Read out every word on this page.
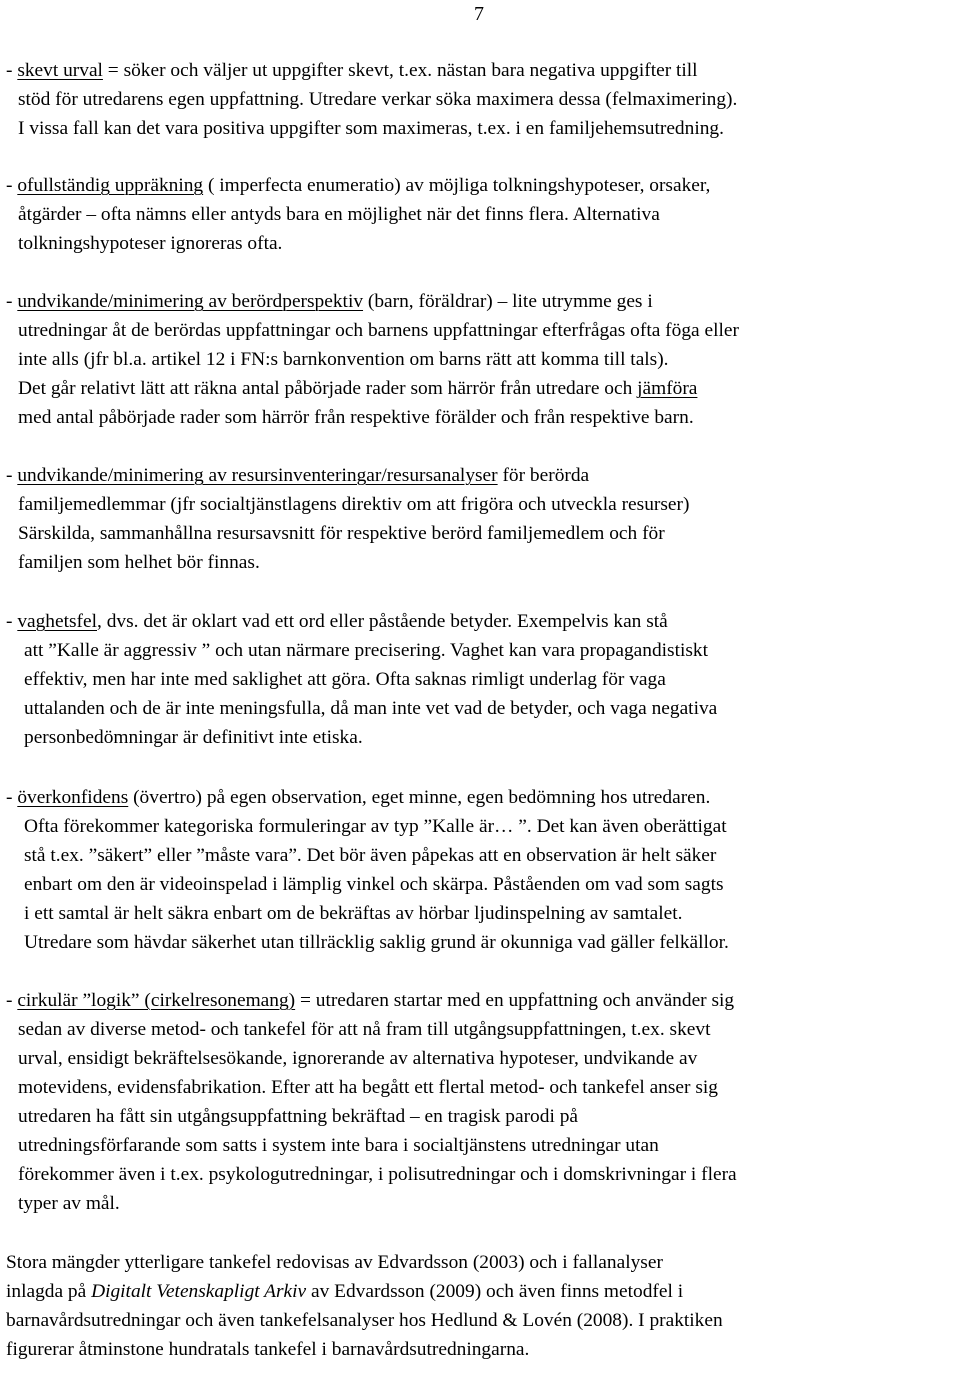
7
- skevt urval = söker och väljer ut uppgifter skevt, t.ex. nästan bara negativa uppgifter till
stöd för utredarens egen uppfattning. Utredare verkar söka maximera dessa (felmaximering).
I vissa fall kan det vara positiva uppgifter som maximeras, t.ex. i en familjehemsutredning.
- ofullständig uppräkning ( imperfecta enumeratio) av möjliga tolkningshypoteser, orsaker,
åtgärder – ofta nämns eller antyds bara en möjlighet när det finns flera. Alternativa
tolkningshypoteser ignoreras ofta.
- undvikande/minimering av berördperspektiv (barn, föräldrar) – lite utrymme ges i
utredningar åt de berördas uppfattningar och barnens uppfattningar efterfrågas ofta föga eller
inte alls (jfr bl.a. artikel 12 i FN:s barnkonvention om barns rätt att komma till tals).
Det går relativt lätt att räkna antal påbörjade rader som härrör från utredare och jämföra
med antal påbörjade rader som härrör från respektive förälder och från respektive barn.
- undvikande/minimering av resursinventeringar/resursanalyser för berörda
familjemedlemmar (jfr socialtjänstlagens direktiv om att frigöra och utveckla resurser)
Särskilda, sammanhållna resursavsnitt för respektive berörd familjemedlem och för
familjen som helhet bör finnas.
- vaghetsfel, dvs. det är oklart vad ett ord eller påstående betyder. Exempelvis kan stå
att ”Kalle är aggressiv ” och utan närmare precisering. Vaghet kan vara propagandistiskt
effektiv, men har inte med saklighet att göra. Ofta saknas rimligt underlag för vaga
uttalanden och de är inte meningsfulla, då man inte vet vad de betyder, och vaga negativa
personbedömningar är definitivt inte etiska.
- överkonfidens (övertro) på egen observation, eget minne, egen bedömning hos utredaren.
Ofta förekommer kategoriska formuleringar av typ ”Kalle är… ”. Det kan även oberättigat
stå t.ex. ”säkert” eller ”måste vara”. Det bör även påpekas att en observation är helt säker
enbart om den är videoinspelad i lämplig vinkel och skärpa. Påståenden om vad som sagts
i ett samtal är helt säkra enbart om de bekräftas av hörbar ljudinspelning av samtalet.
Utredare som hävdar säkerhet utan tillräcklig saklig grund är okunniga vad gäller felkällor.
- cirkulär ”logik” (cirkelresonemang) = utredaren startar med en uppfattning och använder sig
sedan av diverse metod- och tankefel för att nå fram till utgångsuppfattningen, t.ex. skevt
urval, ensidigt bekräftelsesökande, ignorerande av alternativa hypoteser, undvikande av
motevidens, evidensfabrikation. Efter att ha begått ett flertal metod- och tankefel anser sig
utredaren ha fått sin utgångsuppfattning bekräftad – en tragisk parodi på
utredningsförfarande som satts i system inte bara i socialtjänstens utredningar utan
förekommer även i t.ex. psykologutredningar, i polisutredningar och i domskrivningar i flera
typer av mål.
Stora mängder ytterligare tankefel redovisas av Edvardsson (2003) och i fallanalyser
inlagda på Digitalt Vetenskapligt Arkiv av Edvardsson (2009) och även finns metodfel i
barnavårdsutredningar och även tankefelsanalyser hos Hedlund & Lovén (2008). I praktiken
figurerar åtminstone hundratals tankefel i barnavårdsutredningarna.
